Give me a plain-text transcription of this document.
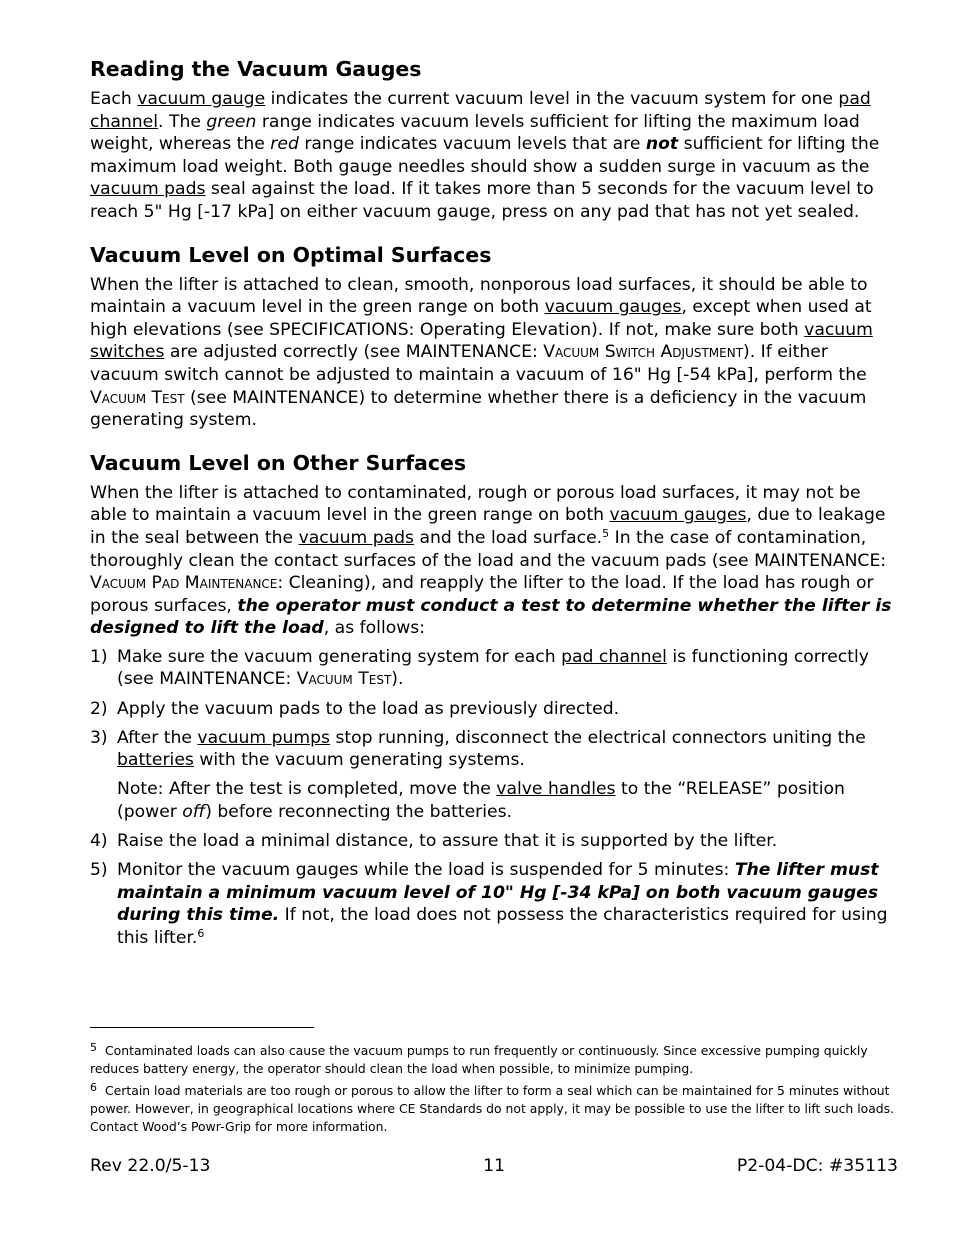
Reading the Vacuum Gauges

Each vacuum gauge indicates the current vacuum level in the vacuum system for one pad channel. The green range indicates vacuum levels sufficient for lifting the maximum load weight, whereas the red range indicates vacuum levels that are not sufficient for lifting the maximum load weight. Both gauge needles should show a sudden surge in vacuum as the vacuum pads seal against the load. If it takes more than 5 seconds for the vacuum level to reach 5" Hg [-17 kPa] on either vacuum gauge, press on any pad that has not yet sealed.

Vacuum Level on Optimal Surfaces

When the lifter is attached to clean, smooth, nonporous load surfaces, it should be able to maintain a vacuum level in the green range on both vacuum gauges, except when used at high elevations (see SPECIFICATIONS: Operating Elevation). If not, make sure both vacuum switches are adjusted correctly (see MAINTENANCE: Vacuum Switch Adjustment). If either vacuum switch cannot be adjusted to maintain a vacuum of 16" Hg [-54 kPa], perform the Vacuum Test (see MAINTENANCE) to determine whether there is a deficiency in the vacuum generating system.

Vacuum Level on Other Surfaces

When the lifter is attached to contaminated, rough or porous load surfaces, it may not be able to maintain a vacuum level in the green range on both vacuum gauges, due to leakage in the seal between the vacuum pads and the load surface.$^5$ In the case of contamination, thoroughly clean the contact surfaces of the load and the vacuum pads (see MAINTENANCE: Vacuum Pad Maintenance: Cleaning), and reapply the lifter to the load. If the load has rough or porous surfaces, the operator must conduct a test to determine whether the lifter is designed to lift the load, as follows:

1) Make sure the vacuum generating system for each pad channel is functioning correctly (see MAINTENANCE: Vacuum Test).
2) Apply the vacuum pads to the load as previously directed.
3) After the vacuum pumps stop running, disconnect the electrical connectors uniting the batteries with the vacuum generating systems.
Note: After the test is completed, move the valve handles to the “RELEASE” position (power off) before reconnecting the batteries.
4) Raise the load a minimal distance, to assure that it is supported by the lifter.
5) Monitor the vacuum gauges while the load is suspended for 5 minutes: The lifter must maintain a minimum vacuum level of 10" Hg [-34 kPa] on both vacuum gauges during this time. If not, the load does not possess the characteristics required for using this lifter.$^6$
$^5$ Contaminated loads can also cause the vacuum pumps to run frequently or continuously. Since excessive pumping quickly reduces battery energy, the operator should clean the load when possible, to minimize pumping.
$^6$ Certain load materials are too rough or porous to allow the lifter to form a seal which can be maintained for 5 minutes without power. However, in geographical locations where CE Standards do not apply, it may be possible to use the lifter to lift such loads. Contact Wood’s Powr-Grip for more information.
Rev 22.0/5-13	11	P2-04-DC: #35113
